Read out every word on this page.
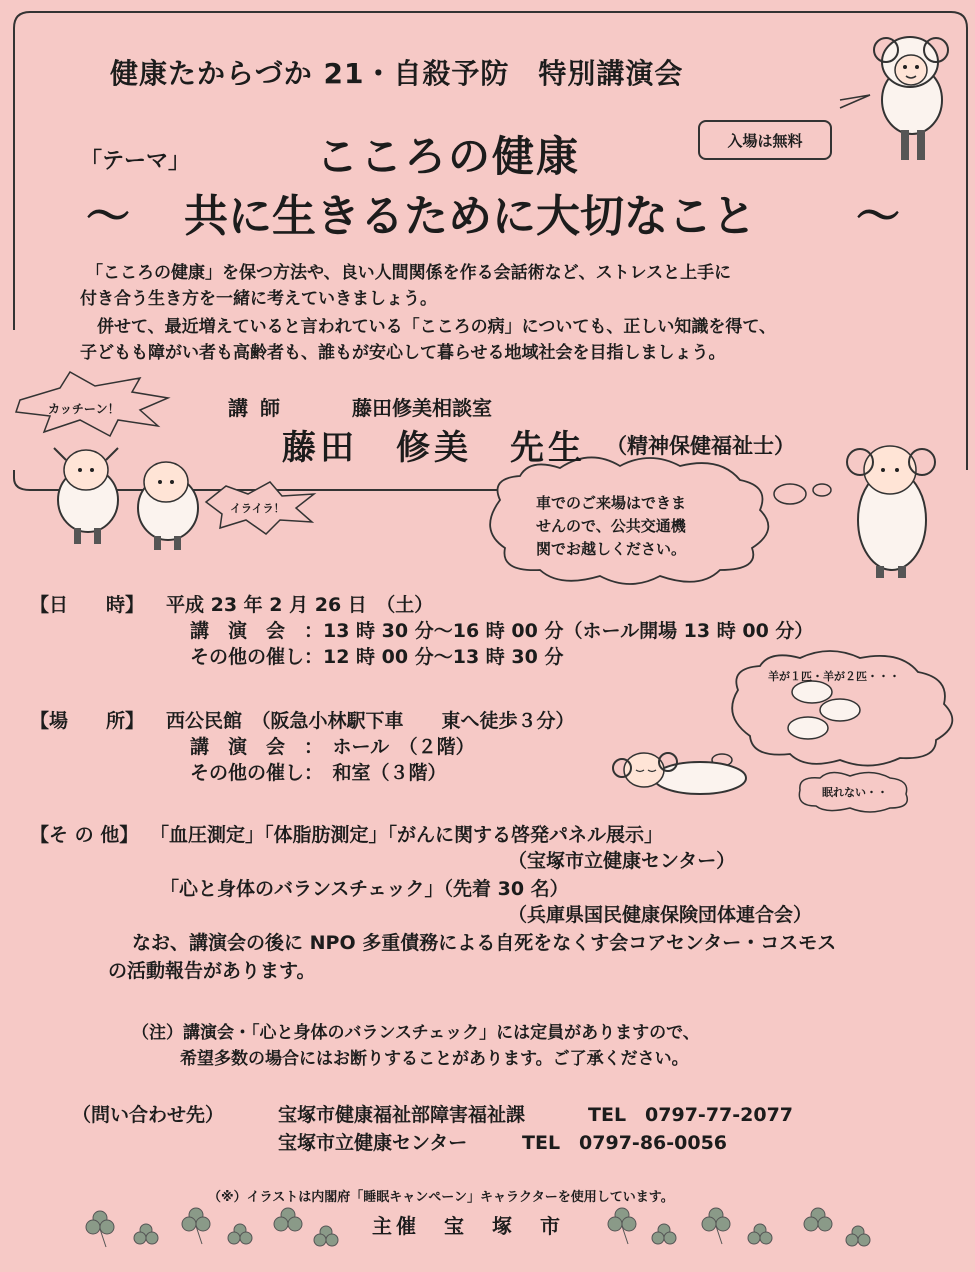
健康たからづか 21・自殺予防　特別講演会
入場は無料
「テーマ」	こころの健康
～ 共に生きるために大切なこと ～
「こころの健康」を保つ方法や、良い人間関係を作る会話術など、ストレスと上手に
付き合う生き方を一緒に考えていきましょう。
　併せて、最近増えていると言われている「こころの病」についても、正しい知識を得て、
子どもも障がい者も高齢者も、誰もが安心して暮らせる地域社会を目指しましょう。
講師	藤田修美相談室
藤田　修美　先生 （精神保健福祉士）
カッチーン！
イライラ！	車でのご来場はできま
せんので、公共交通機
関でお越しください。
羊が１匹・羊が２匹・・・
眠れない・・
【日　　時】 平成 23 年 2 月 26 日　（土）
講　演　会　：13 時 30 分～16 時 00 分（ホール開場 13 時 00 分）
その他の催し：12 時 00 分～13 時 30 分
【場　　所】 西公民館　（阪急小林駅下車　　東へ徒歩３分）
講　演　会　：　ホール　（２階）
その他の催し：　和室（３階）
【そ の 他】 「血圧測定」「体脂肪測定」「がんに関する啓発パネル展示」
（宝塚市立健康センター）
「心と身体のバランスチェック」（先着 30 名）
（兵庫県国民健康保険団体連合会）
なお、講演会の後に NPO 多重債務による自死をなくす会コアセンター・コスモス
の活動報告があります。
（注）講演会・「心と身体のバランスチェック」には定員がありますので、
希望多数の場合にはお断りすることがあります。ご了承ください。
（問い合わせ先）	宝塚市健康福祉部障害福祉課	TEL　0797-77-2077
宝塚市立健康センター	TEL　0797-86-0056
（※）イラストは内閣府「睡眠キャンペーン」キャラクターを使用しています。
主催　宝　塚　市
